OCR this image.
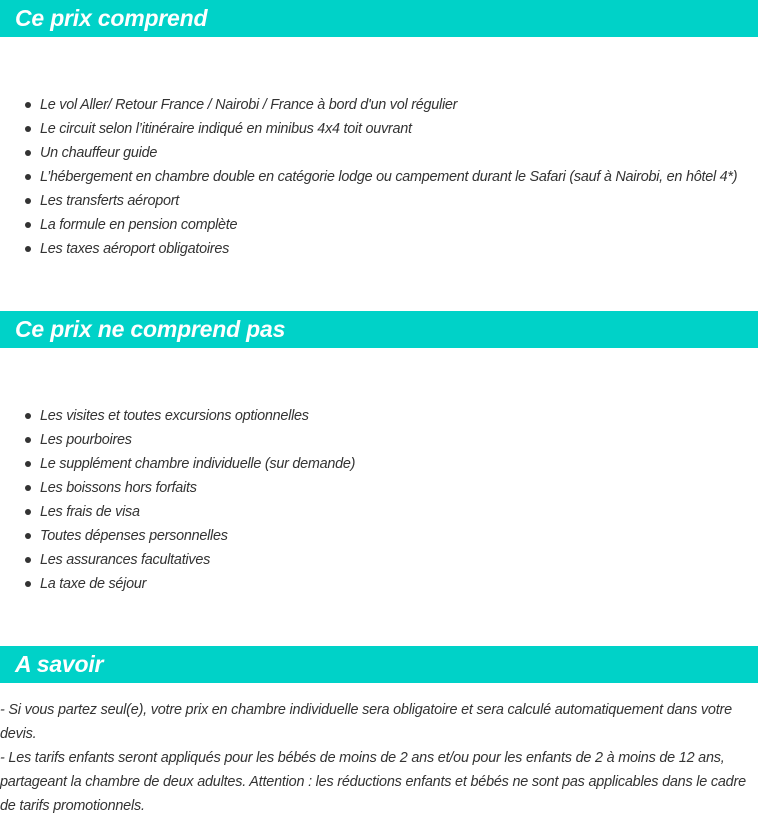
Ce prix comprend
Le vol Aller/ Retour France / Nairobi / France à bord d'un vol régulier
Le circuit selon l’itinéraire indiqué en minibus 4x4 toit ouvrant
Un chauffeur guide
L’hébergement en chambre double en catégorie lodge ou campement durant le Safari (sauf à Nairobi, en hôtel 4*)
Les transferts aéroport
La formule en pension complète
Les taxes aéroport obligatoires
Ce prix ne comprend pas
Les visites et toutes excursions optionnelles
Les pourboires
Le supplément chambre individuelle (sur demande)
Les boissons hors forfaits
Les frais de visa
Toutes dépenses personnelles
Les assurances facultatives
La taxe de séjour
A savoir

- Si vous partez seul(e), votre prix en chambre individuelle sera obligatoire et sera calculé automatiquement dans votre devis.

- Les tarifs enfants seront appliqués pour les bébés de moins de 2 ans et/ou pour les enfants de 2 à moins de 12 ans, partageant la chambre de deux adultes. Attention : les réductions enfants et bébés ne sont pas applicables dans le cadre de tarifs promotionnels.
